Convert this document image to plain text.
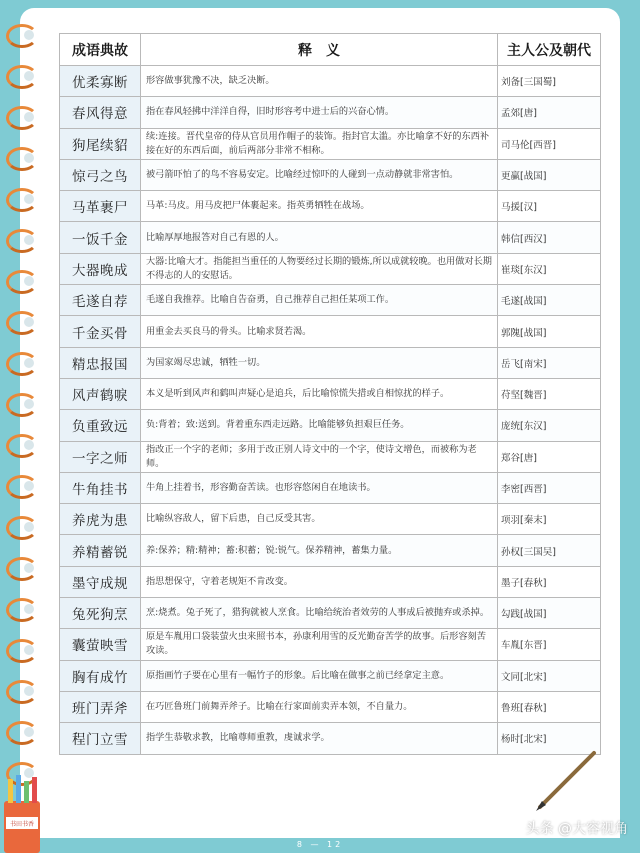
成语典故	释　义	主人公及朝代
优柔寡断	形容做事犹豫不决，缺乏决断。	刘备[三国蜀]
春风得意	指在春风轻拂中洋洋自得，旧时形容考中进士后的兴奋心情。	孟郊[唐]
狗尾续貂	续:连接。晋代皇帝的侍从官员用作帽子的装饰。指封官太滥。亦比喻拿不好的东西补接在好的东西后面，前后两部分非常不相称。	司马伦[西晋]
惊弓之鸟	被弓箭吓怕了的鸟不容易安定。比喻经过惊吓的人碰到一点动静就非常害怕。	更赢[战国]
马革裹尸	马革:马皮。用马皮把尸体裹起来。指英勇牺牲在战场。	马援[汉]
一饭千金	比喻厚厚地报答对自己有恩的人。	韩信[西汉]
大器晚成	大器:比喻大才。指能担当重任的人物要经过长期的锻炼,所以成就较晚。也用做对长期不得志的人的安慰话。	崔琰[东汉]
毛遂自荐	毛遂自我推荐。比喻自告奋勇，自己推荐自己担任某项工作。	毛遂[战国]
千金买骨	用重金去买良马的骨头。比喻求贤若渴。	郭隗[战国]
精忠报国	为国家竭尽忠诚，牺牲一切。	岳飞[南宋]
风声鹤唳	本义是听到风声和鹤叫声疑心是追兵，后比喻惊慌失措或自相惊扰的样子。	苻坚[魏晋]
负重致远	负:背着；致:送到。背着重东西走远路。比喻能够负担艰巨任务。	庞统[东汉]
一字之师	指改正一个字的老师；多用于改正别人诗文中的一个字，使诗文增色，而被称为老师。	郑谷[唐]
牛角挂书	牛角上挂着书，形容勤奋苦读。也形容悠闲自在地读书。	李密[西晋]
养虎为患	比喻纵容敌人，留下后患，自己反受其害。	项羽[秦末]
养精蓄锐	养:保养；精:精神；蓄:积蓄；锐:锐气。保养精神，蓄集力量。	孙权[三国吴]
墨守成规	指思想保守，守着老规矩不肯改变。	墨子[春秋]
兔死狗烹	烹:烧煮。兔子死了，猎狗就被人烹食。比喻给统治者效劳的人事成后被抛弃或杀掉。	勾践[战国]
囊萤映雪	原是车胤用口袋装萤火虫来照书本，孙康利用雪的反光勤奋苦学的故事。后形容刻苦攻读。	车胤[东晋]
胸有成竹	原指画竹子要在心里有一幅竹子的形象。后比喻在做事之前已经拿定主意。	文同[北宋]
班门弄斧	在巧匠鲁班门前舞弄斧子。比喻在行家面前卖弄本领，不自量力。	鲁班[春秋]
程门立雪	指学生恭敬求教，比喻尊师重教，虔诚求学。	杨时[北宋]
8 — 12
书田书香	头条 @大容视角
